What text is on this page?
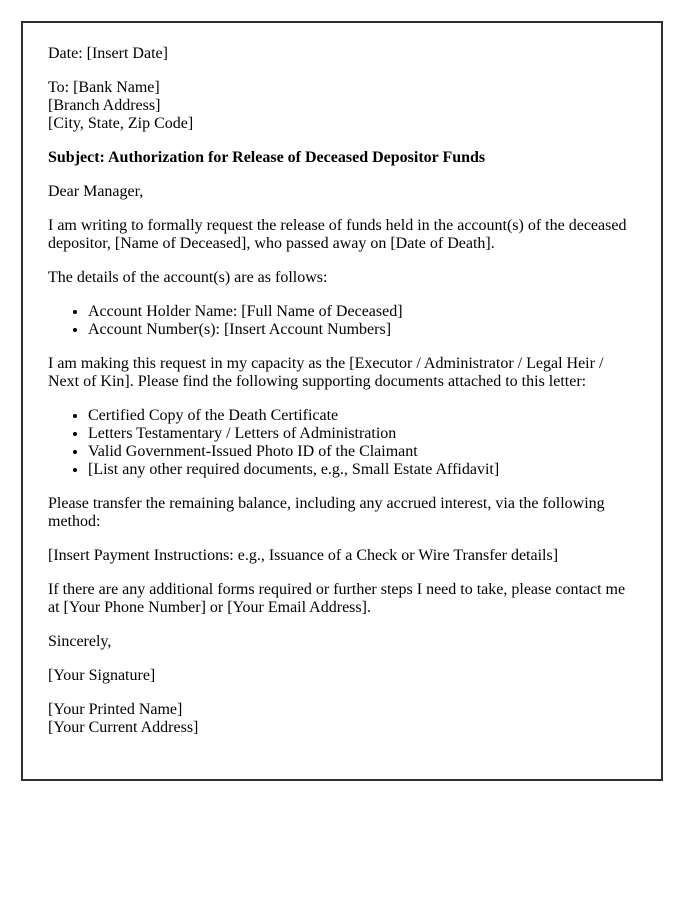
Date: [Insert Date]
To: [Bank Name]
[Branch Address]
[City, State, Zip Code]
Subject: Authorization for Release of Deceased Depositor Funds
Dear Manager,
I am writing to formally request the release of funds held in the account(s) of the deceased depositor, [Name of Deceased], who passed away on [Date of Death].
The details of the account(s) are as follows:
• Account Holder Name: [Full Name of Deceased]
• Account Number(s): [Insert Account Numbers]
I am making this request in my capacity as the [Executor / Administrator / Legal Heir / Next of Kin]. Please find the following supporting documents attached to this letter:
• Certified Copy of the Death Certificate
• Letters Testamentary / Letters of Administration
• Valid Government-Issued Photo ID of the Claimant
• [List any other required documents, e.g., Small Estate Affidavit]
Please transfer the remaining balance, including any accrued interest, via the following method:
[Insert Payment Instructions: e.g., Issuance of a Check or Wire Transfer details]
If there are any additional forms required or further steps I need to take, please contact me at [Your Phone Number] or [Your Email Address].
Sincerely,
[Your Signature]
[Your Printed Name]
[Your Current Address]
